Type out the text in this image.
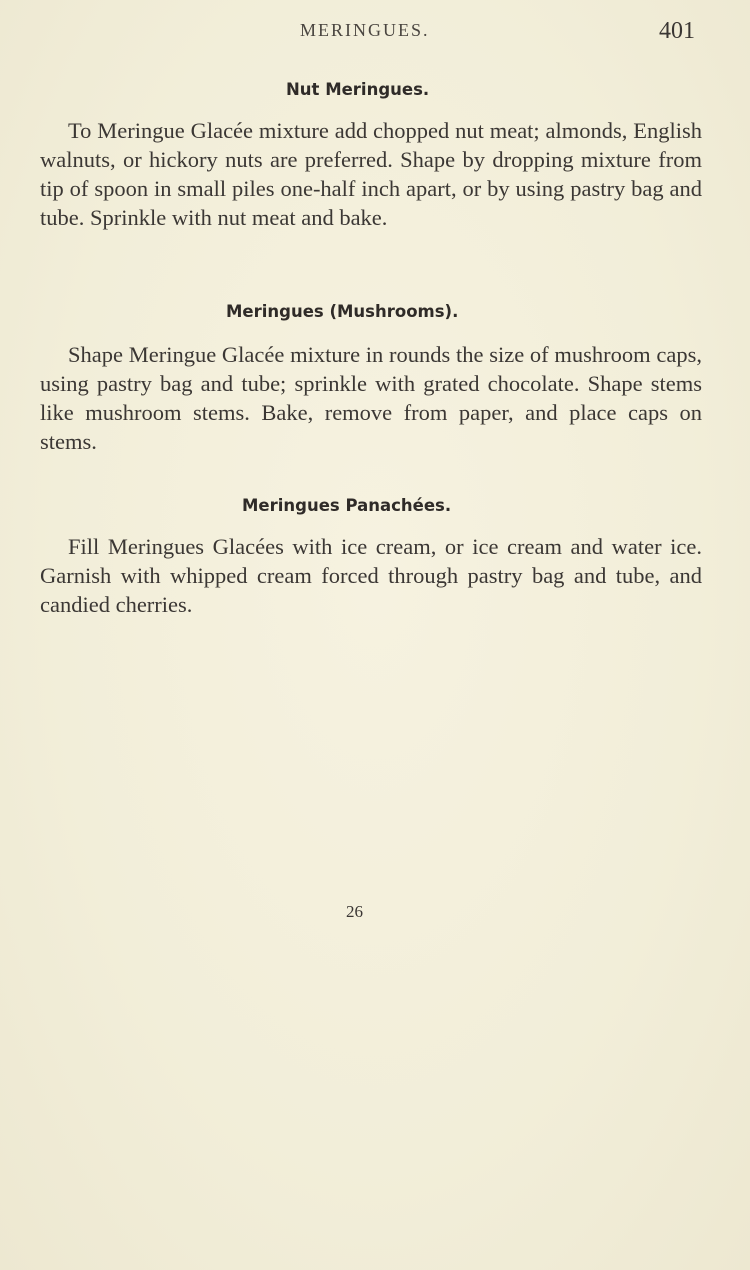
MERINGUES.	401
Nut Meringues.
To Meringue Glacée mixture add chopped nut meat; almonds, English walnuts, or hickory nuts are preferred. Shape by dropping mixture from tip of spoon in small piles one-half inch apart, or by using pastry bag and tube. Sprinkle with nut meat and bake.
Meringues (Mushrooms).
Shape Meringue Glacée mixture in rounds the size of mushroom caps, using pastry bag and tube; sprinkle with grated chocolate. Shape stems like mushroom stems. Bake, remove from paper, and place caps on stems.
Meringues Panachées.
Fill Meringues Glacées with ice cream, or ice cream and water ice. Garnish with whipped cream forced through pastry bag and tube, and candied cherries.
26
